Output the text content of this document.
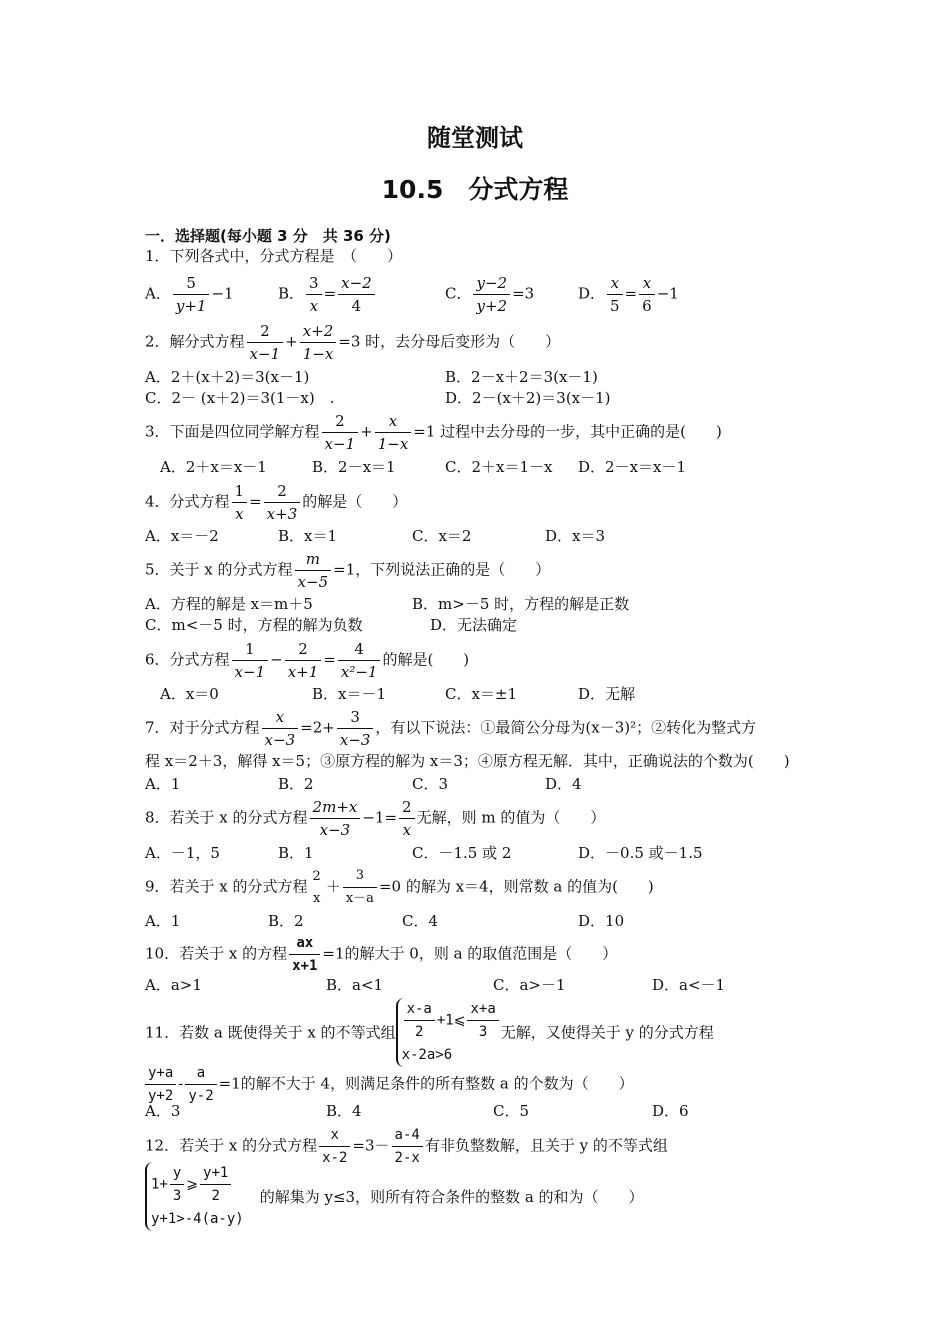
随堂测试
10.5　分式方程
一．选择题(每小题 3 分　共 36 分)
1．下列各式中，分式方程是　（　　）
A． $\frac{5}{y+1} -1$	B． $\frac{3}{x} = \frac{x-2}{4}$	C． $\frac{y-2}{y+2} =3$	D． $\frac{x}{5} = \frac{x}{6} -1$
2．解分式方程 $\frac{2}{x-1} + \frac{x+2}{1-x} =3$ 时，去分母后变形为（　　）
A．2＋(x＋2)＝3(x－1)	B．2－x＋2＝3(x－1)
C．2－ (x＋2)＝3(1－x)　.	D．2－(x＋2)＝3(x－1)
3．下面是四位同学解方程 $\frac{2}{x-1} + \frac{x}{1-x} =1$ 过程中去分母的一步，其中正确的是(　　)
A．2＋x＝x－1	B．2－x＝1	C．2＋x＝1－x D．2－x＝x－1
4．分式方程 $\frac{1}{x} = \frac{2}{x+3}$ 的解是（　　）
A．x＝－2	B．x＝1	C．x＝2	D．x＝3
5．关于 x 的分式方程 $\frac{m}{x-5} =1$，下列说法正确的是（　　）
A．方程的解是 x＝m＋5	B．m>－5 时，方程的解是正数
C．m<－5 时，方程的解为负数	D．无法确定
6．分式方程 $\frac{1}{x-1} - \frac{2}{x+1} = \frac{4}{\text{x²−1}}$ 的解是(　　)
A．x＝0	B．x＝－1	C．x＝±1	D．无解
7．对于分式方程 $\frac{x}{x-3} =2+ \frac{3}{x-3}$ ，有以下说法：①最简公分母为(x－3)²；②转化为整式方
程 x＝2＋3，解得 x＝5；③原方程的解为 x＝3；④原方程无解．其中，正确说法的个数为(　　)
A．1	B．2	C．3	D．4
8．若关于 x 的分式方程 $\frac{2m+x}{x-3} -1= \frac{2}{x}$ 无解，则 m 的值为（　　）
A．－1，5	B．1	C．－1.5 或 2	D．－0.5 或－1.5
9．若关于 x 的分式方程
2
x
＋ $\frac{3}{x-a} =0$ 的解为 x＝4，则常数 a 的值为(　　)
A．1	B．2	C．4	D．10
10．若关于 x 的方程 $\frac{ax}{x+1} =1$的解大于 0，则 a 的取值范围是（　　）
A．a>1	B．a<1	C．a>－1	D．a<－1
11．若数 a 既使得关于 x 的不等式组 $\frac{x-a}{2}$ +1⩽ $\frac{x+a}{3}$
x-2a>6
无解，又使得关于 y 的分式方程
$\frac{y+a}{y+2} - \frac{a}{y-2} =1$的解不大于 4，则满足条件的所有整数 a 的个数为（　　）
A．3	B．4	C．5	D．6
12．若关于 x 的分式方程 $\frac{x}{x-2} =3- \frac{a-4}{2-x}$ 有非负整数解，且关于 y 的不等式组
$1+ \frac{y}{3}$ ⩾ $\frac{y+1}{2}$
y+1>-4(a-y)
的解集为 y≤3，则所有符合条件的整数 a 的和为（　　）
